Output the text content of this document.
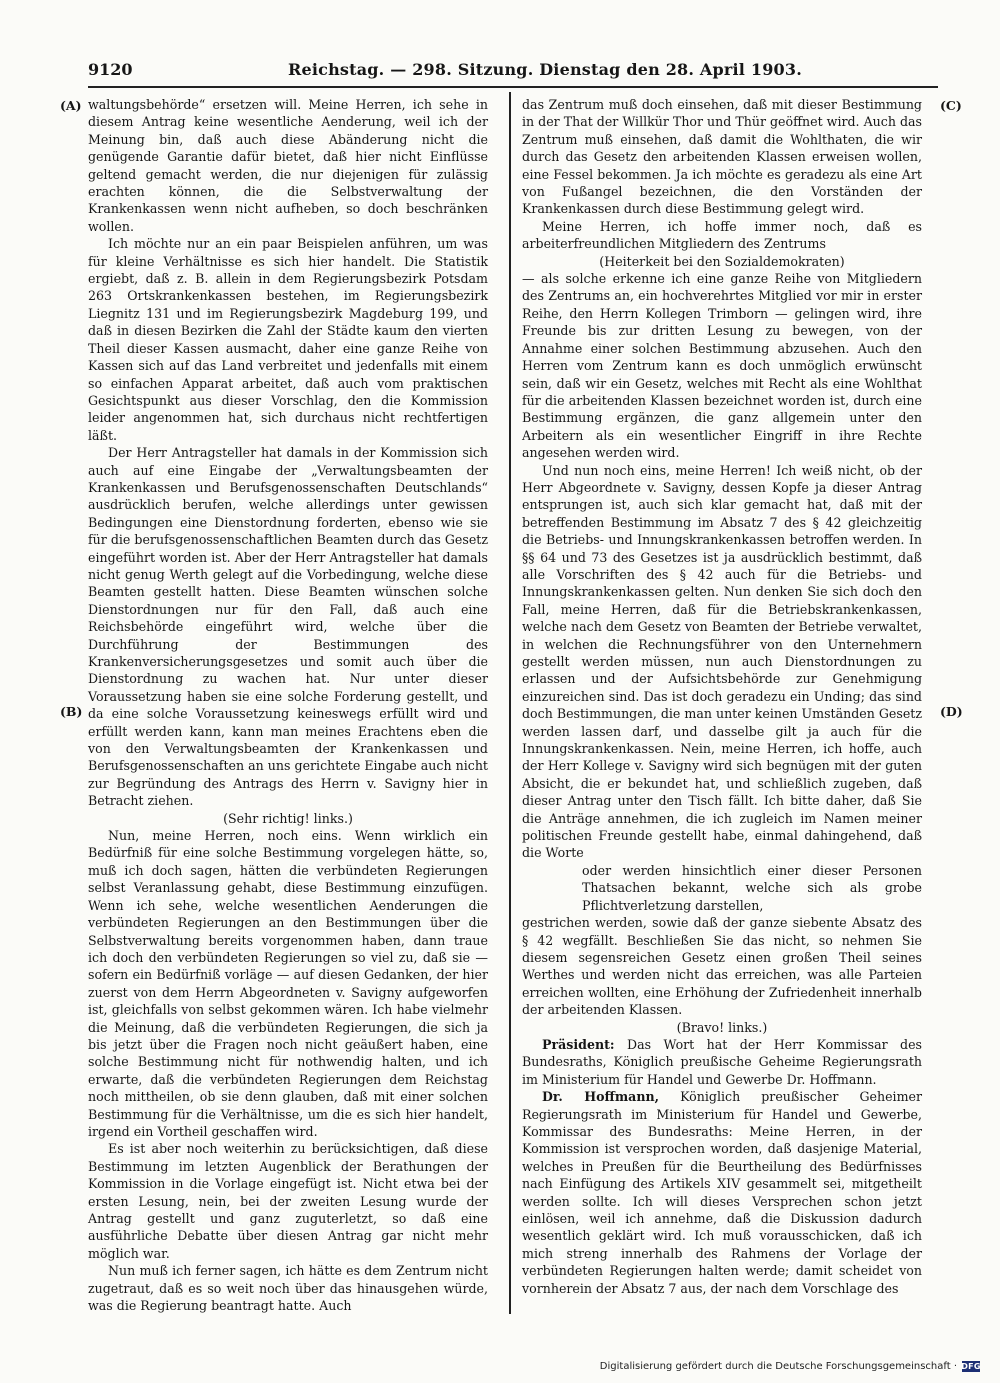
9120	Reichstag. — 298. Sitzung. Dienstag den 28. April 1903.
(A)
(B)
(C)
(D)

waltungsbehörde“ ersetzen will. Meine Herren, ich sehe in diesem Antrag keine wesentliche Aenderung, weil ich der Meinung bin, daß auch diese Abänderung nicht die genügende Garantie dafür bietet, daß hier nicht Einflüsse geltend gemacht werden, die nur diejenigen für zulässig erachten können, die die Selbstverwaltung der Krankenkassen wenn nicht aufheben, so doch beschränken wollen.

Ich möchte nur an ein paar Beispielen anführen, um was für kleine Verhältnisse es sich hier handelt. Die Statistik ergiebt, daß z. B. allein in dem Regierungsbezirk Potsdam 263 Ortskrankenkassen bestehen, im Regierungsbezirk Liegnitz 131 und im Regierungsbezirk Magdeburg 199, und daß in diesen Bezirken die Zahl der Städte kaum den vierten Theil dieser Kassen ausmacht, daher eine ganze Reihe von Kassen sich auf das Land verbreitet und jedenfalls mit einem so einfachen Apparat arbeitet, daß auch vom praktischen Gesichtspunkt aus dieser Vorschlag, den die Kommission leider angenommen hat, sich durchaus nicht rechtfertigen läßt.

Der Herr Antragsteller hat damals in der Kommission sich auch auf eine Eingabe der „Verwaltungsbeamten der Krankenkassen und Berufsgenossenschaften Deutschlands“ ausdrücklich berufen, welche allerdings unter gewissen Bedingungen eine Dienstordnung forderten, ebenso wie sie für die berufsgenossenschaftlichen Beamten durch das Gesetz eingeführt worden ist. Aber der Herr Antragsteller hat damals nicht genug Werth gelegt auf die Vorbedingung, welche diese Beamten gestellt hatten. Diese Beamten wünschen solche Dienstordnungen nur für den Fall, daß auch eine Reichsbehörde eingeführt wird, welche über die Durchführung der Bestimmungen des Krankenversicherungsgesetzes und somit auch über die Dienstordnung zu wachen hat. Nur unter dieser Voraussetzung haben sie eine solche Forderung gestellt, und da eine solche Voraussetzung keineswegs erfüllt wird und erfüllt werden kann, kann man meines Erachtens eben die von den Verwaltungsbeamten der Krankenkassen und Berufsgenossenschaften an uns gerichtete Eingabe auch nicht zur Begründung des Antrags des Herrn v. Savigny hier in Betracht ziehen.

(Sehr richtig! links.)

Nun, meine Herren, noch eins. Wenn wirklich ein Bedürfniß für eine solche Bestimmung vorgelegen hätte, so, muß ich doch sagen, hätten die verbündeten Regierungen selbst Veranlassung gehabt, diese Bestimmung einzufügen. Wenn ich sehe, welche wesentlichen Aenderungen die verbündeten Regierungen an den Bestimmungen über die Selbstverwaltung bereits vorgenommen haben, dann traue ich doch den verbündeten Regierungen so viel zu, daß sie — sofern ein Bedürfniß vorläge — auf diesen Gedanken, der hier zuerst von dem Herrn Abgeordneten v. Savigny aufgeworfen ist, gleichfalls von selbst gekommen wären. Ich habe vielmehr die Meinung, daß die verbündeten Regierungen, die sich ja bis jetzt über die Fragen noch nicht geäußert haben, eine solche Bestimmung nicht für nothwendig halten, und ich erwarte, daß die verbündeten Regierungen dem Reichstag noch mittheilen, ob sie denn glauben, daß mit einer solchen Bestimmung für die Verhältnisse, um die es sich hier handelt, irgend ein Vortheil geschaffen wird.

Es ist aber noch weiterhin zu berücksichtigen, daß diese Bestimmung im letzten Augenblick der Berathungen der Kommission in die Vorlage eingefügt ist. Nicht etwa bei der ersten Lesung, nein, bei der zweiten Lesung wurde der Antrag gestellt und ganz zuguterletzt, so daß eine ausführliche Debatte über diesen Antrag gar nicht mehr möglich war.

Nun muß ich ferner sagen, ich hätte es dem Zentrum nicht zugetraut, daß es so weit noch über das hinausgehen würde, was die Regierung beantragt hatte. Auch

das Zentrum muß doch einsehen, daß mit dieser Bestimmung in der That der Willkür Thor und Thür geöffnet wird. Auch das Zentrum muß einsehen, daß damit die Wohlthaten, die wir durch das Gesetz den arbeitenden Klassen erweisen wollen, eine Fessel bekommen. Ja ich möchte es geradezu als eine Art von Fußangel bezeichnen, die den Vorständen der Krankenkassen durch diese Bestimmung gelegt wird.

Meine Herren, ich hoffe immer noch, daß es arbeiterfreundlichen Mitgliedern des Zentrums

(Heiterkeit bei den Sozialdemokraten)

— als solche erkenne ich eine ganze Reihe von Mitgliedern des Zentrums an, ein hochverehrtes Mitglied vor mir in erster Reihe, den Herrn Kollegen Trimborn — gelingen wird, ihre Freunde bis zur dritten Lesung zu bewegen, von der Annahme einer solchen Bestimmung abzusehen. Auch den Herren vom Zentrum kann es doch unmöglich erwünscht sein, daß wir ein Gesetz, welches mit Recht als eine Wohlthat für die arbeitenden Klassen bezeichnet worden ist, durch eine Bestimmung ergänzen, die ganz allgemein unter den Arbeitern als ein wesentlicher Eingriff in ihre Rechte angesehen werden wird.

Und nun noch eins, meine Herren! Ich weiß nicht, ob der Herr Abgeordnete v. Savigny, dessen Kopfe ja dieser Antrag entsprungen ist, auch sich klar gemacht hat, daß mit der betreffenden Bestimmung im Absatz 7 des § 42 gleichzeitig die Betriebs- und Innungskrankenkassen betroffen werden. In §§ 64 und 73 des Gesetzes ist ja ausdrücklich bestimmt, daß alle Vorschriften des § 42 auch für die Betriebs- und Innungskrankenkassen gelten. Nun denken Sie sich doch den Fall, meine Herren, daß für die Betriebskrankenkassen, welche nach dem Gesetz von Beamten der Betriebe verwaltet, in welchen die Rechnungsführer von den Unternehmern gestellt werden müssen, nun auch Dienstordnungen zu erlassen und der Aufsichtsbehörde zur Genehmigung einzureichen sind. Das ist doch geradezu ein Unding; das sind doch Bestimmungen, die man unter keinen Umständen Gesetz werden lassen darf, und dasselbe gilt ja auch für die Innungskrankenkassen. Nein, meine Herren, ich hoffe, auch der Herr Kollege v. Savigny wird sich begnügen mit der guten Absicht, die er bekundet hat, und schließlich zugeben, daß dieser Antrag unter den Tisch fällt. Ich bitte daher, daß Sie die Anträge annehmen, die ich zugleich im Namen meiner politischen Freunde gestellt habe, einmal dahingehend, daß die Worte

oder werden hinsichtlich einer dieser Personen Thatsachen bekannt, welche sich als grobe Pflichtverletzung darstellen,

gestrichen werden, sowie daß der ganze siebente Absatz des § 42 wegfällt. Beschließen Sie das nicht, so nehmen Sie diesem segensreichen Gesetz einen großen Theil seines Werthes und werden nicht das erreichen, was alle Parteien erreichen wollten, eine Erhöhung der Zufriedenheit innerhalb der arbeitenden Klassen.

(Bravo! links.)

Präsident: Das Wort hat der Herr Kommissar des Bundesraths, Königlich preußische Geheime Regierungsrath im Ministerium für Handel und Gewerbe Dr. Hoffmann.

Dr. Hoffmann, Königlich preußischer Geheimer Regierungsrath im Ministerium für Handel und Gewerbe, Kommissar des Bundesraths: Meine Herren, in der Kommission ist versprochen worden, daß dasjenige Material, welches in Preußen für die Beurtheilung des Bedürfnisses nach Einfügung des Artikels XIV gesammelt sei, mitgetheilt werden sollte. Ich will dieses Versprechen schon jetzt einlösen, weil ich annehme, daß die Diskussion dadurch wesentlich geklärt wird. Ich muß vorausschicken, daß ich mich streng innerhalb des Rahmens der Vorlage der verbündeten Regierungen halten werde; damit scheidet von vornherein der Absatz 7 aus, der nach dem Vorschlage des

Digitalisierung gefördert durch die Deutsche Forschungsgemeinschaft · DFG
